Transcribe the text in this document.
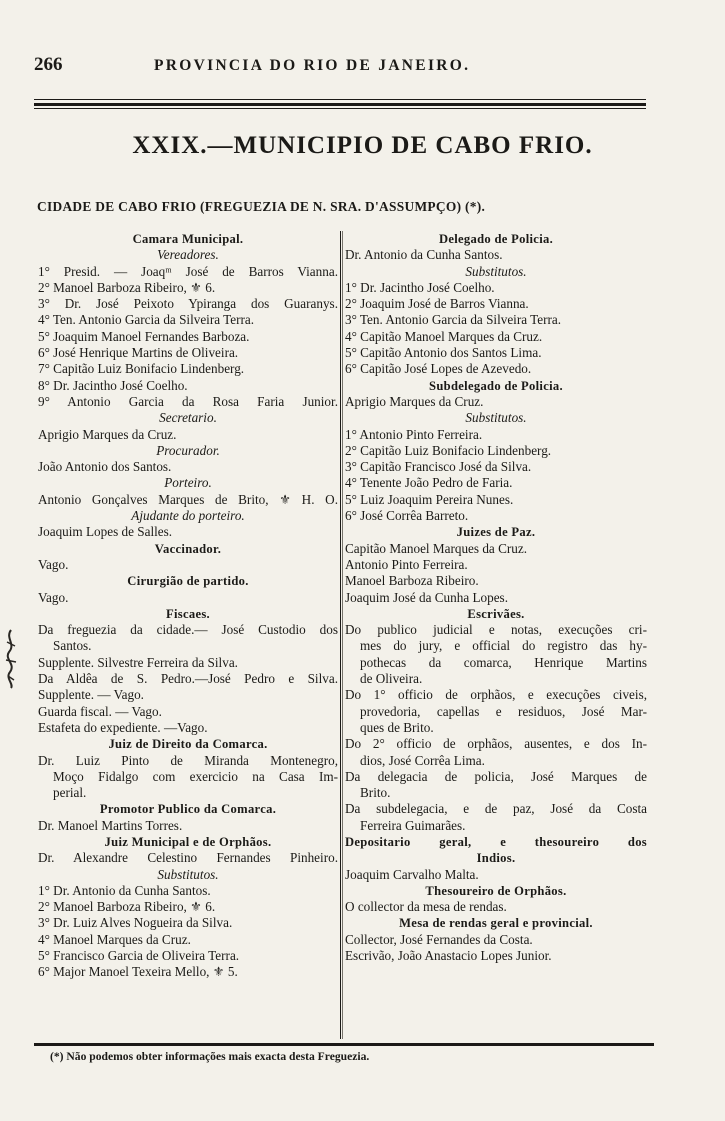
266	PROVINCIA DO RIO DE JANEIRO.
XXIX.—MUNICIPIO DE CABO FRIO.
CIDADE DE CABO FRIO (FREGUEZIA DE N. SRA. D'ASSUMPÇO) (*).
Camara Municipal.
Vereadores.
1° Presid. — Joaqᵐ José de Barros Vianna.
2° Manoel Barboza Ribeiro, ⚜ 6.
3° Dr. José Peixoto Ypiranga dos Guaranys.
4° Ten. Antonio Garcia da Silveira Terra.
5° Joaquim Manoel Fernandes Barboza.
6° José Henrique Martins de Oliveira.
7° Capitão Luiz Bonifacio Lindenberg.
8° Dr. Jacintho José Coelho.
9° Antonio Garcia da Rosa Faria Junior.
Secretario.
Aprigio Marques da Cruz.
Procurador.
João Antonio dos Santos.
Porteiro.
Antonio Gonçalves Marques de Brito, ⚜ H. O.
Ajudante do porteiro.
Joaquim Lopes de Salles.
Vaccinador.
Vago.
Cirurgião de partido.
Vago.
Fiscaes.
Da freguezia da cidade.— José Custodio dos
Santos.
Supplente. Silvestre Ferreira da Silva.
Da Aldêa de S. Pedro.—José Pedro e Silva.
Supplente. — Vago.
Guarda fiscal. — Vago.
Estafeta do expediente. —Vago.
Juiz de Direito da Comarca.
Dr. Luiz Pinto de Miranda Montenegro,
Moço Fidalgo com exercicio na Casa Im-
perial.
Promotor Publico da Comarca.
Dr. Manoel Martins Torres.
Juiz Municipal e de Orphãos.
Dr. Alexandre Celestino Fernandes Pinheiro.
Substitutos.
1° Dr. Antonio da Cunha Santos.
2° Manoel Barboza Ribeiro, ⚜ 6.
3° Dr. Luiz Alves Nogueira da Silva.
4° Manoel Marques da Cruz.
5° Francisco Garcia de Oliveira Terra.
6° Major Manoel Texeira Mello, ⚜ 5.
Delegado de Policia.
Dr. Antonio da Cunha Santos.
Substitutos.
1° Dr. Jacintho José Coelho.
2° Joaquim José de Barros Vianna.
3° Ten. Antonio Garcia da Silveira Terra.
4° Capitão Manoel Marques da Cruz.
5° Capitão Antonio dos Santos Lima.
6° Capitão José Lopes de Azevedo.
Subdelegado de Policia.
Aprigio Marques da Cruz.
Substitutos.
1° Antonio Pinto Ferreira.
2° Capitão Luiz Bonifacio Lindenberg.
3° Capitão Francisco José da Silva.
4° Tenente João Pedro de Faria.
5° Luiz Joaquim Pereira Nunes.
6° José Corrêa Barreto.
Juizes de Paz.
Capitão Manoel Marques da Cruz.
Antonio Pinto Ferreira.
Manoel Barboza Ribeiro.
Joaquim José da Cunha Lopes.
Escrivães.
Do publico judicial e notas, execuções cri-
mes do jury, e official do registro das hy-
pothecas da comarca, Henrique Martins
de Oliveira.
Do 1° officio de orphãos, e execuções civeis,
provedoria, capellas e residuos, José Mar-
ques de Brito.
Do 2° officio de orphãos, ausentes, e dos In-
dios, José Corrêa Lima.
Da delegacia de policia, José Marques de
Brito.
Da subdelegacia, e de paz, José da Costa
Ferreira Guimarães.
Depositario geral, e thesoureiro dos
Indios.
Joaquim Carvalho Malta.
Thesoureiro de Orphãos.
O collector da mesa de rendas.
Mesa de rendas geral e provincial.
Collector, José Fernandes da Costa.
Escrivão, João Anastacio Lopes Junior.
(*) Não podemos obter informações mais exacta desta Freguezia.
